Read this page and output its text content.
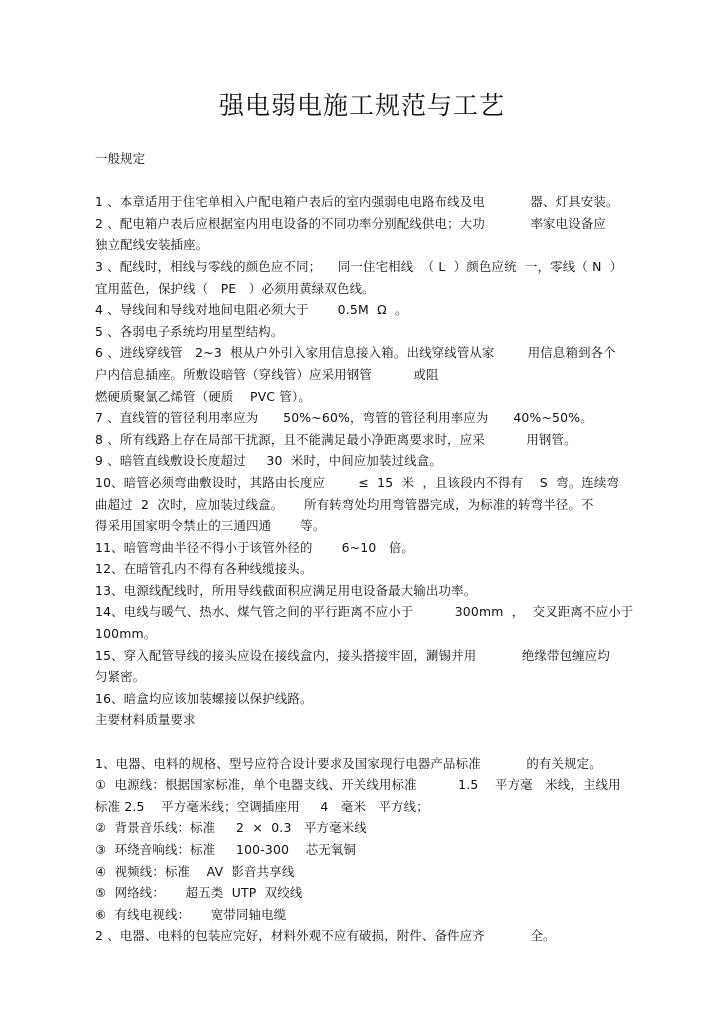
强电弱电施工规范与工艺
一般规定
1 、本章适用于住宅单相入户配电箱户表后的室内强弱电电路布线及电           器、灯具安装。
2 、配电箱户表后应根据室内用电设备的不同功率分别配线供电；大功           率家电设备应
独立配线安装插座。
3 、配线时，相线与零线的颜色应不同；    同一住宅相线  （ L  ）颜色应统  一，零线（ N  ）
宜用蓝色，保护线（   PE   ）必须用黄绿双色线。
4 、导线间和导线对地间电阻必须大于       0.5M  Ω  。
5 、各弱电子系统均用星型结构。
6 、进线穿线管   2~3  根从户外引入家用信息接入箱。出线穿线管从家        用信息箱到各个
户内信息插座。所敷设暗管（穿线管）应采用钢管          或阻
燃硬质聚氯乙烯管（硬质    PVC 管）。
7 、直线管的管径利用率应为      50%~60%，弯管的管径利用率应为      40%~50%。
8 、所有线路上存在局部干扰源，且不能满足最小净距离要求时，应采          用钢管。
9 、暗管直线敷设长度超过     30  米时，中间应加装过线盒。
10、暗管必须弯曲敷设时，其路由长度应        ≤  15  米  ，且该段内不得有    S  弯。连续弯
曲超过  2  次时，应加装过线盒。     所有转弯处均用弯管器完成，为标准的转弯半径。不
得采用国家明令禁止的三通四通       等。
11、暗管弯曲半径不得小于该管外径的       6~10   倍。
12、在暗管孔内不得有各种线缆接头。
13、电源线配线时，所用导线截面积应满足用电设备最大输出功率。
14、电线与暖气、热水、煤气管之间的平行距离不应小于          300mm  ，  交叉距离不应小于
100mm。
15、穿入配管导线的接头应设在接线盒内，接头搭接牢固，涮锡并用           绝缘带包缠应均
匀紧密。
16、暗盒均应该加装螺接以保护线路。
主要材料质量要求
1、电器、电料的规格、型号应符合设计要求及国家现行电器产品标准           的有关规定。
①  电源线：根据国家标准，单个电器支线、开关线用标准          1.5    平方毫   米线，主线用
标准 2.5    平方毫米线；空调插座用     4   毫米   平方线；
②  背景音乐线：标准     2  ×  0.3   平方毫米线
③  环绕音响线：标准     100-300    芯无氧铜
④  视频线：标准    AV  影音共享线
⑤  网络线：     超五类  UTP  双绞线
⑥  有线电视线：     宽带同轴电缆
2 、电器、电料的包装应完好，材料外观不应有破损，附件、备件应齐           全。
